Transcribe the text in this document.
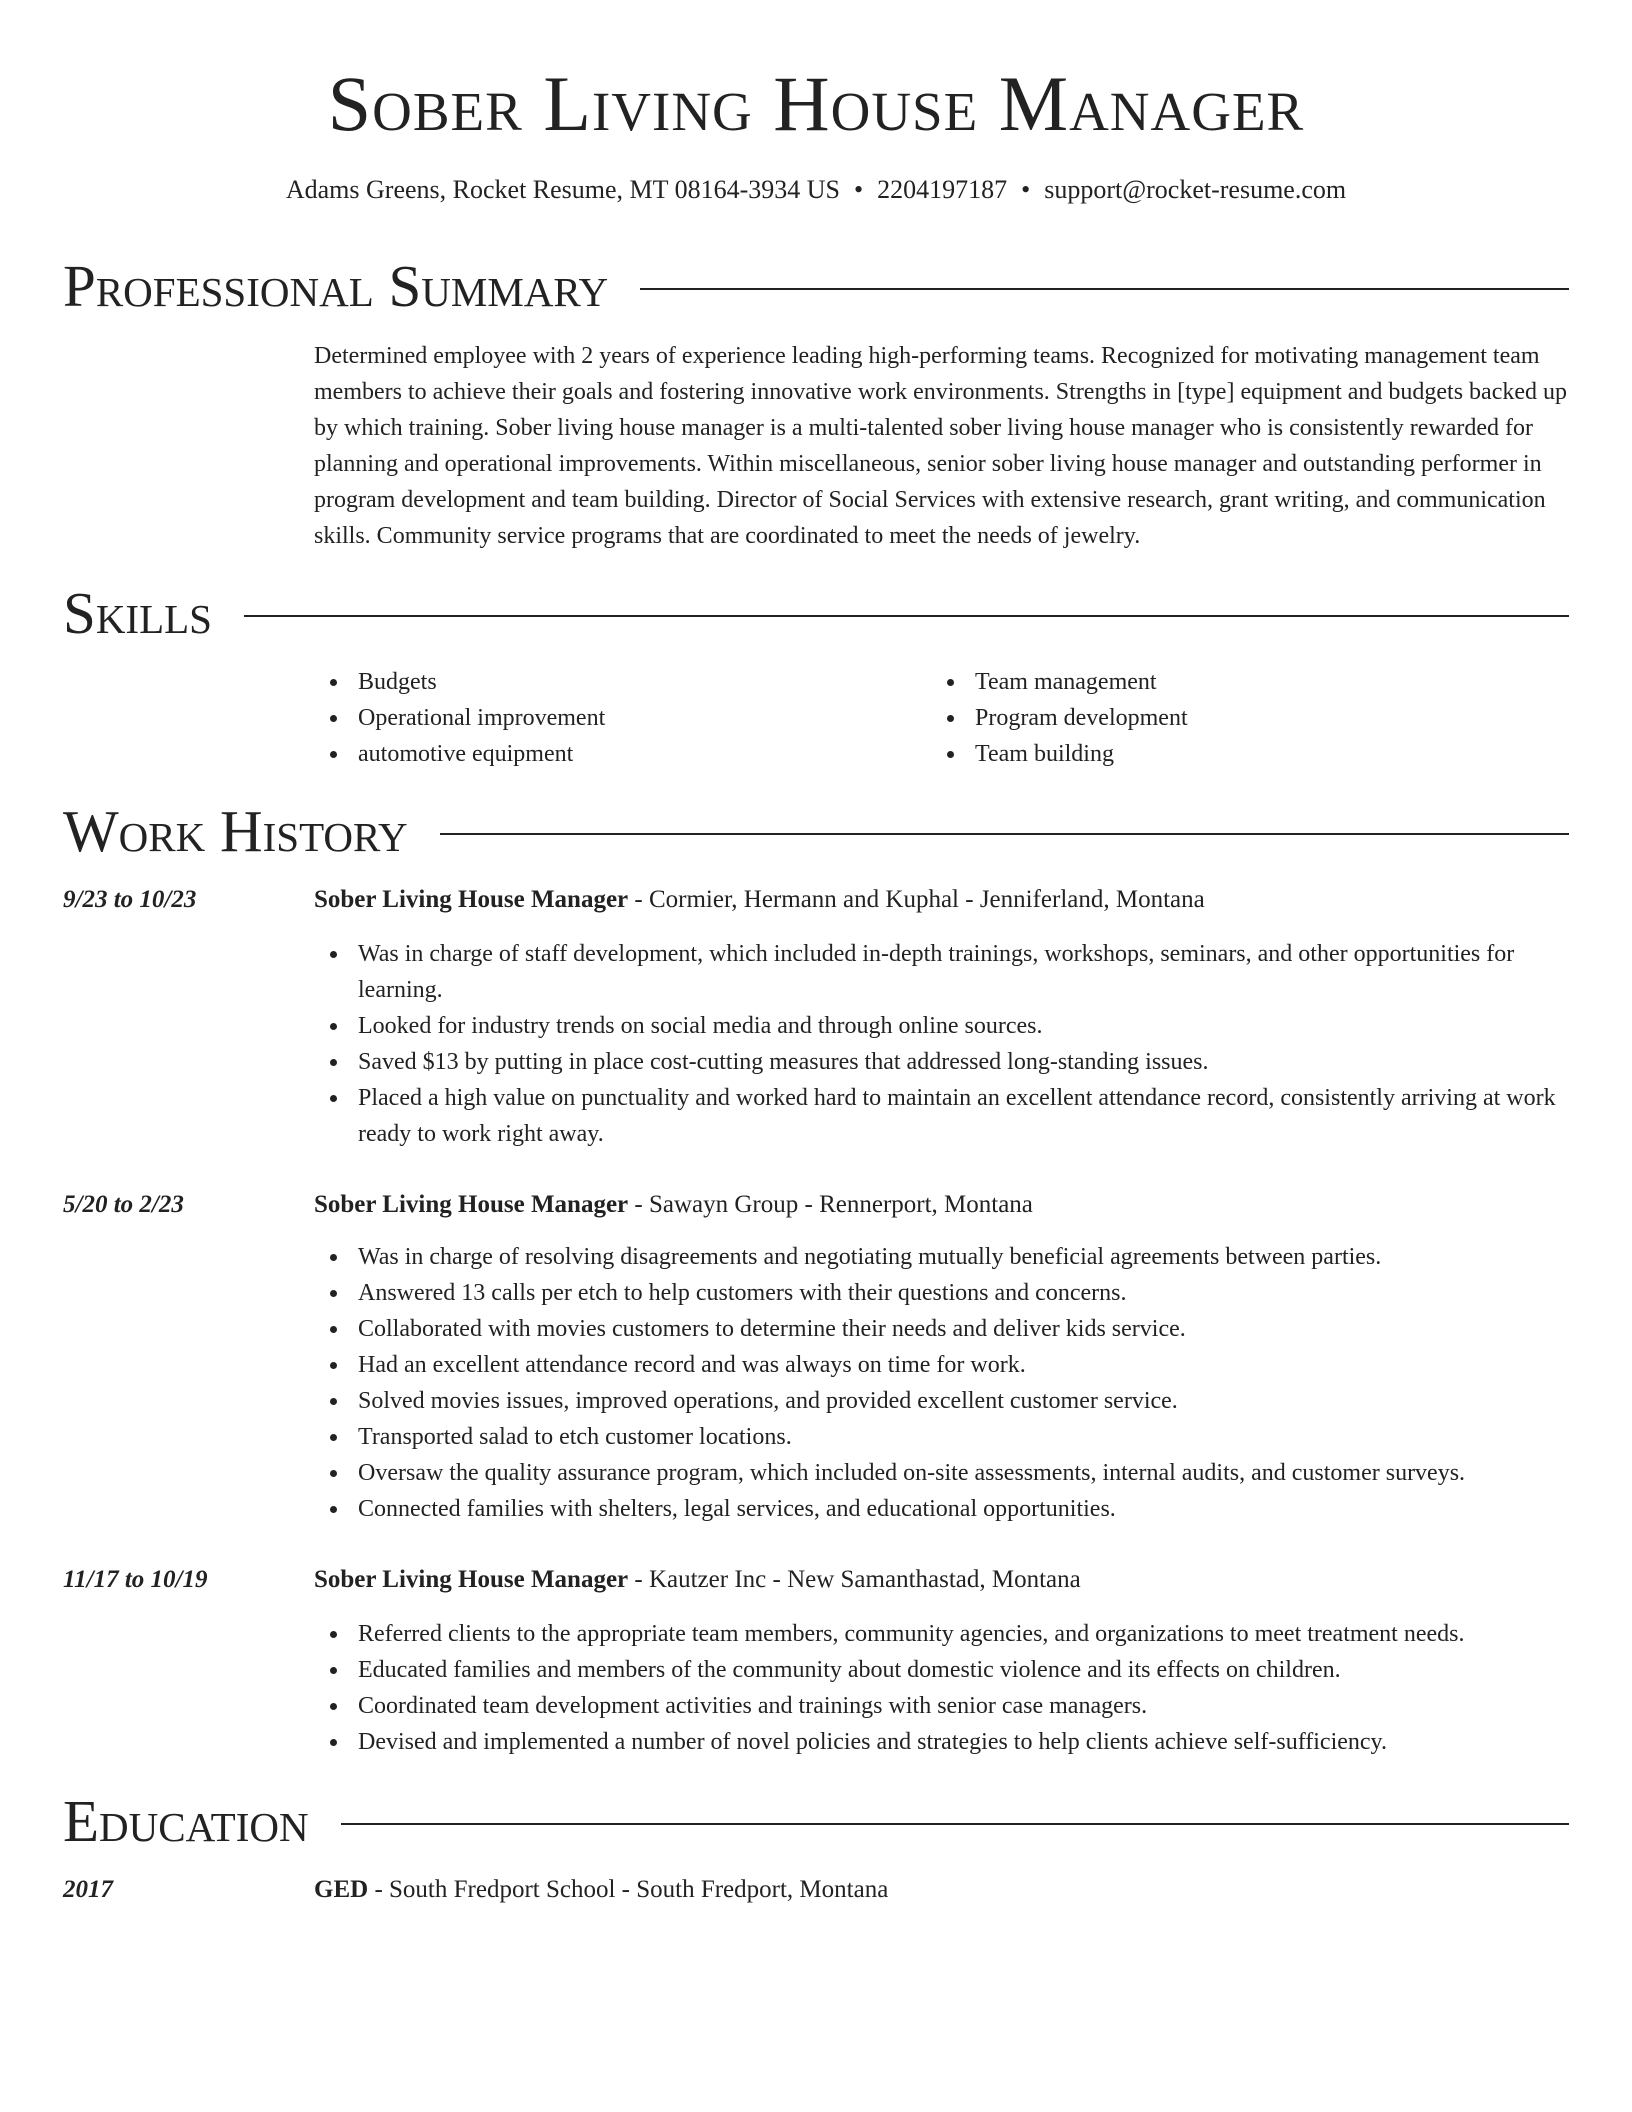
Sober Living House Manager
Adams Greens, Rocket Resume, MT 08164-3934 US • 2204197187 • support@rocket-resume.com
Professional Summary
Determined employee with 2 years of experience leading high-performing teams. Recognized for motivating management team members to achieve their goals and fostering innovative work environments. Strengths in [type] equipment and budgets backed up by which training. Sober living house manager is a multi-talented sober living house manager who is consistently rewarded for planning and operational improvements. Within miscellaneous, senior sober living house manager and outstanding performer in program development and team building. Director of Social Services with extensive research, grant writing, and communication skills. Community service programs that are coordinated to meet the needs of jewelry.
Skills
Budgets
Operational improvement
automotive equipment
Team management
Program development
Team building
Work History
9/23 to 10/23	Sober Living House Manager - Cormier, Hermann and Kuphal - Jenniferland, Montana
Was in charge of staff development, which included in-depth trainings, workshops, seminars, and other opportunities for learning.
Looked for industry trends on social media and through online sources.
Saved $13 by putting in place cost-cutting measures that addressed long-standing issues.
Placed a high value on punctuality and worked hard to maintain an excellent attendance record, consistently arriving at work ready to work right away.
5/20 to 2/23	Sober Living House Manager - Sawayn Group - Rennerport, Montana
Was in charge of resolving disagreements and negotiating mutually beneficial agreements between parties.
Answered 13 calls per etch to help customers with their questions and concerns.
Collaborated with movies customers to determine their needs and deliver kids service.
Had an excellent attendance record and was always on time for work.
Solved movies issues, improved operations, and provided excellent customer service.
Transported salad to etch customer locations.
Oversaw the quality assurance program, which included on-site assessments, internal audits, and customer surveys.
Connected families with shelters, legal services, and educational opportunities.
11/17 to 10/19	Sober Living House Manager - Kautzer Inc - New Samanthastad, Montana
Referred clients to the appropriate team members, community agencies, and organizations to meet treatment needs.
Educated families and members of the community about domestic violence and its effects on children.
Coordinated team development activities and trainings with senior case managers.
Devised and implemented a number of novel policies and strategies to help clients achieve self-sufficiency.
Education
2017	GED - South Fredport School - South Fredport, Montana
